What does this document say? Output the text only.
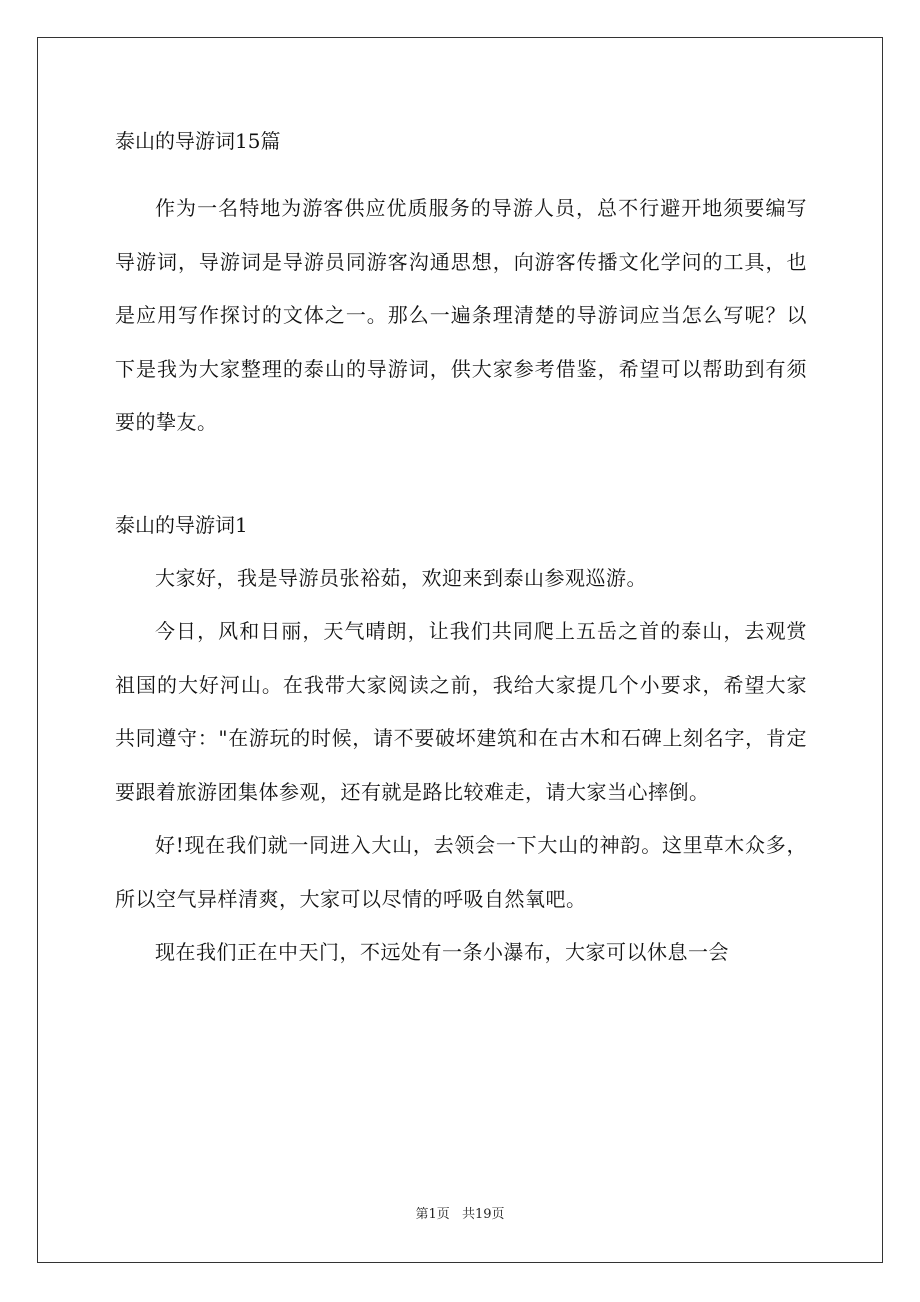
泰山的导游词15篇

作为一名特地为游客供应优质服务的导游人员，总不行避开地须要编写导游词，导游词是导游员同游客沟通思想，向游客传播文化学问的工具，也是应用写作探讨的文体之一。那么一遍条理清楚的导游词应当怎么写呢？以下是我为大家整理的泰山的导游词，供大家参考借鉴，希望可以帮助到有须要的挚友。

泰山的导游词1

大家好，我是导游员张裕茹，欢迎来到泰山参观巡游。

今日，风和日丽，天气晴朗，让我们共同爬上五岳之首的泰山，去观赏祖国的大好河山。在我带大家阅读之前，我给大家提几个小要求，希望大家共同遵守："在游玩的时候，请不要破坏建筑和在古木和石碑上刻名字，肯定要跟着旅游团集体参观，还有就是路比较难走，请大家当心摔倒。

好!现在我们就一同进入大山，去领会一下大山的神韵。这里草木众多，所以空气异样清爽，大家可以尽情的呼吸自然氧吧。

现在我们正在中天门，不远处有一条小瀑布，大家可以休息一会

第1页 共19页
